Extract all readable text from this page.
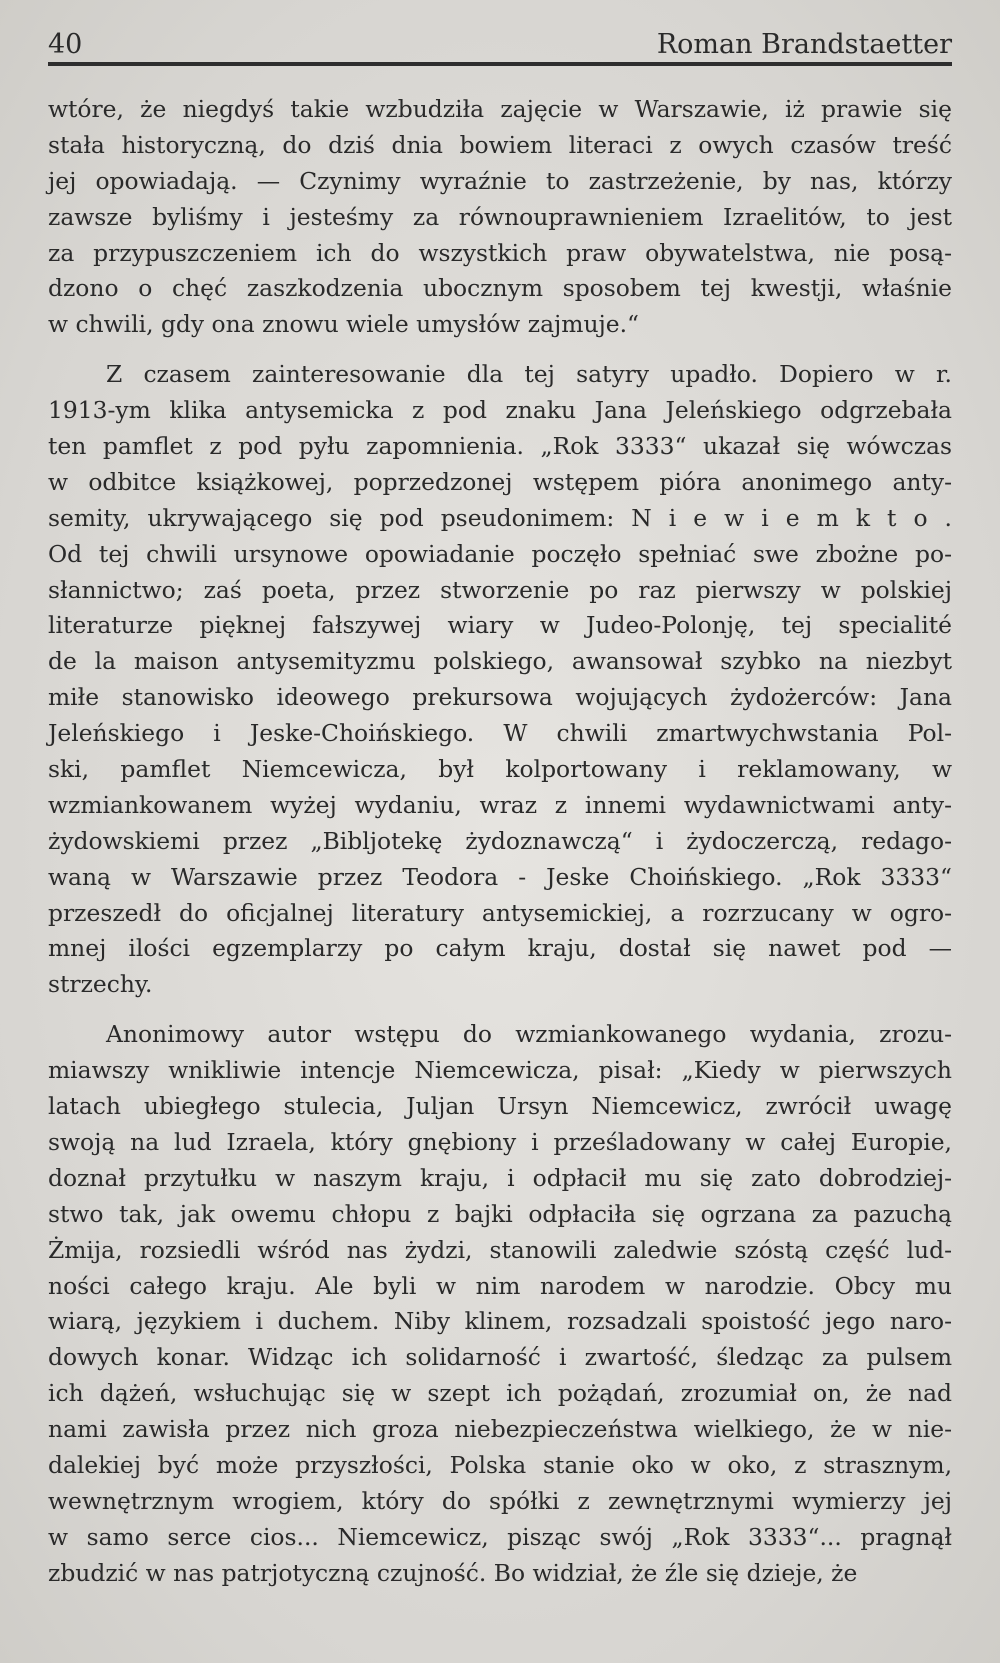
40	Roman Brandstaetter
wtóre, że niegdyś takie wzbudziła zajęcie w Warszawie, iż prawie się
stała historyczną, do dziś dnia bowiem literaci z owych czasów treść
jej opowiadają. — Czynimy wyraźnie to zastrzeżenie, by nas, którzy
zawsze byliśmy i jesteśmy za równouprawnieniem Izraelitów, to jest
za przypuszczeniem ich do wszystkich praw obywatelstwa, nie posą-
dzono o chęć zaszkodzenia ubocznym sposobem tej kwestji, właśnie
w chwili, gdy ona znowu wiele umysłów zajmuje.“
Z czasem zainteresowanie dla tej satyry upadło. Dopiero w r.
1913-ym klika antysemicka z pod znaku Jana Jeleńskiego odgrzebała
ten pamflet z pod pyłu zapomnienia. „Rok 3333“ ukazał się wówczas
w odbitce książkowej, poprzedzonej wstępem pióra anonimego anty-
semity, ukrywającego się pod pseudonimem: N i e w i e m k t o .
Od tej chwili ursynowe opowiadanie poczęło spełniać swe zbożne po-
słannictwo; zaś poeta, przez stworzenie po raz pierwszy w polskiej
literaturze pięknej fałszywej wiary w Judeo-Polonję, tej specialité
de la maison antysemityzmu polskiego, awansował szybko na niezbyt
miłe stanowisko ideowego prekursowa wojujących żydożerców: Jana
Jeleńskiego i Jeske-Choińskiego. W chwili zmartwychwstania Pol-
ski, pamflet Niemcewicza, był kolportowany i reklamowany, w
wzmiankowanem wyżej wydaniu, wraz z innemi wydawnictwami anty-
żydowskiemi przez „Bibljotekę żydoznawczą“ i żydoczerczą, redago-
waną w Warszawie przez Teodora - Jeske Choińskiego. „Rok 3333“
przeszedł do oficjalnej literatury antysemickiej, a rozrzucany w ogro-
mnej ilości egzemplarzy po całym kraju, dostał się nawet pod —
strzechy.
Anonimowy autor wstępu do wzmiankowanego wydania, zrozu-
miawszy wnikliwie intencje Niemcewicza, pisał: „Kiedy w pierwszych
latach ubiegłego stulecia, Juljan Ursyn Niemcewicz, zwrócił uwagę
swoją na lud Izraela, który gnębiony i prześladowany w całej Europie,
doznał przytułku w naszym kraju, i odpłacił mu się zato dobrodziej-
stwo tak, jak owemu chłopu z bajki odpłaciła się ogrzana za pazuchą
Żmija, rozsiedli wśród nas żydzi, stanowili zaledwie szóstą część lud-
ności całego kraju. Ale byli w nim narodem w narodzie. Obcy mu
wiarą, językiem i duchem. Niby klinem, rozsadzali spoistość jego naro-
dowych konar. Widząc ich solidarność i zwartość, śledząc za pulsem
ich dążeń, wsłuchując się w szept ich pożądań, zrozumiał on, że nad
nami zawisła przez nich groza niebezpieczeństwa wielkiego, że w nie-
dalekiej być może przyszłości, Polska stanie oko w oko, z strasznym,
wewnętrznym wrogiem, który do spółki z zewnętrznymi wymierzy jej
w samo serce cios... Niemcewicz, pisząc swój „Rok 3333“... pragnął
zbudzić w nas patrjotyczną czujność. Bo widział, że źle się dzieje, że
